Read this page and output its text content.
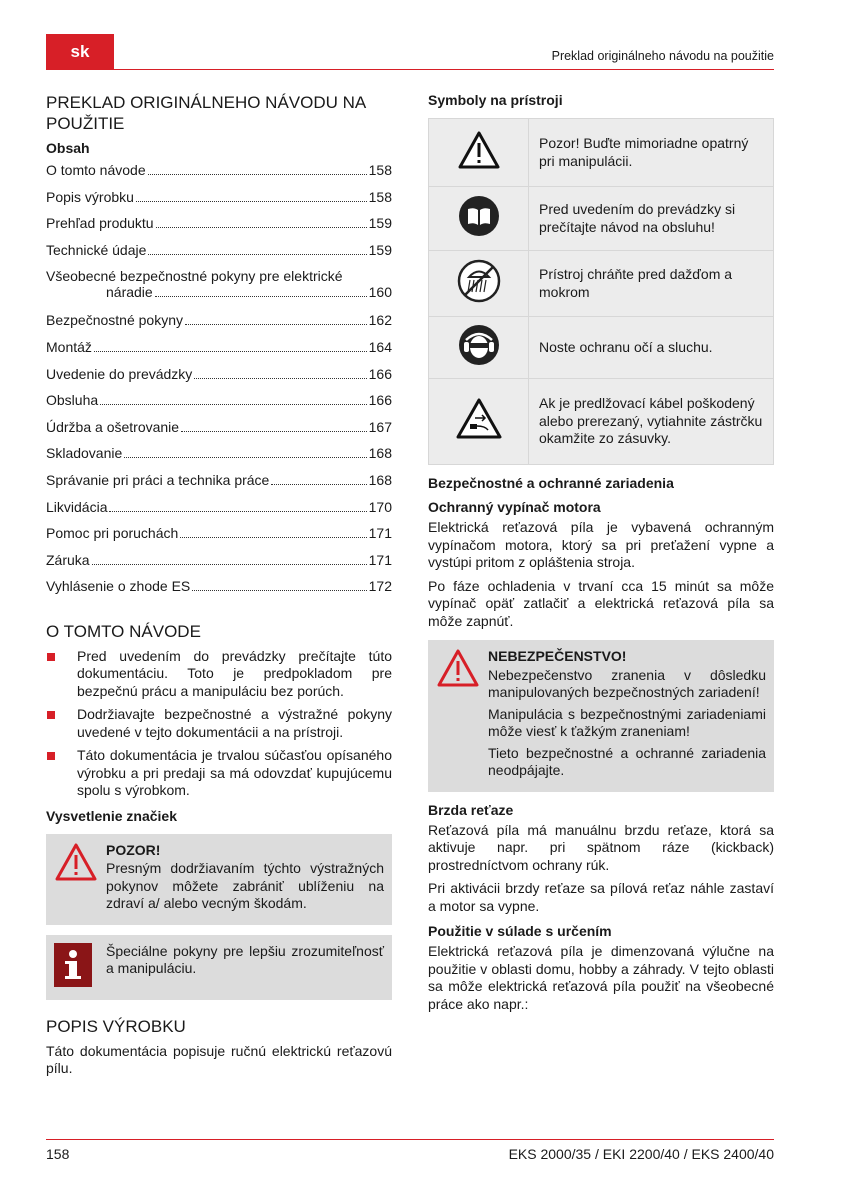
sk	Preklad originálneho návodu na použitie
PREKLAD ORIGINÁLNEHO NÁVODU NA POUŽITIE
Obsah
O tomto návode	158
Popis výrobku	158
Prehľad produktu	159
Technické údaje	159
Všeobecné bezpečnostné pokyny pre elektrické
náradie	160
Bezpečnostné pokyny	162
Montáž	164
Uvedenie do prevádzky	166
Obsluha	166
Údržba a ošetrovanie	167
Skladovanie	168
Správanie pri práci a technika práce	168
Likvidácia	170
Pomoc pri poruchách	171
Záruka	171
Vyhlásenie o zhode ES	172
O TOMTO NÁVODE
Pred uvedením do prevádzky prečítajte túto dokumentáciu. Toto je predpokladom pre bezpečnú prácu a manipuláciu bez porúch.
Dodržiavajte bezpečnostné a výstražné pokyny uvedené v tejto dokumentácii a na prístroji.
Táto dokumentácia je trvalou súčasťou opísaného výrobku a pri predaji sa má odovzdať kupujúcemu spolu s výrobkom.
Vysvetlenie značiek
POZOR!

Presným dodržiavaním týchto výstražných pokynov môžete zabrániť ublíženiu na zdraví a/ alebo vecným škodám.

Špeciálne pokyny pre lepšiu zrozumiteľnosť a manipuláciu.

POPIS VÝROBKU

Táto dokumentácia popisuje ručnú elektrickú reťazovú pílu.

Symboly na prístroji
	Pozor! Buďte mimoriadne opatrný pri manipulácii.
	Pred uvedením do prevádzky si prečítajte návod na obsluhu!
	Prístroj chráňte pred dažďom a mokrom
	Noste ochranu očí a sluchu.
	Ak je predlžovací kábel poškodený alebo prerezaný, vytiahnite zástrčku okamžite zo zásuvky.
Bezpečnostné a ochranné zariadenia
Ochranný vypínač motora

Elektrická reťazová píla je vybavená ochranným vypínačom motora, ktorý sa pri preťažení vypne a vystúpi pritom z opláštenia stroja.

Po fáze ochladenia v trvaní cca 15 minút sa môže vypínač opäť zatlačiť a elektrická reťazová píla sa môže zapnúť.

NEBEZPEČENSTVO!

Nebezpečenstvo zranenia v dôsledku manipulovaných bezpečnostných zariadení!

Manipulácia s bezpečnostnými zariadeniami môže viesť k ťažkým zraneniam!

Tieto bezpečnostné a ochranné zariadenia neodpájajte.

Brzda reťaze

Reťazová píla má manuálnu brzdu reťaze, ktorá sa aktivuje napr. pri spätnom ráze (kickback) prostredníctvom ochrany rúk.

Pri aktivácii brzdy reťaze sa pílová reťaz náhle zastaví a motor sa vypne.

Použitie v súlade s určením

Elektrická reťazová píla je dimenzovaná výlučne na použitie v oblasti domu, hobby a záhrady. V tejto oblasti sa môže elektrická reťazová píla použiť na všeobecné práce ako napr.:

158	EKS 2000/35 / EKI 2200/40 / EKS 2400/40
